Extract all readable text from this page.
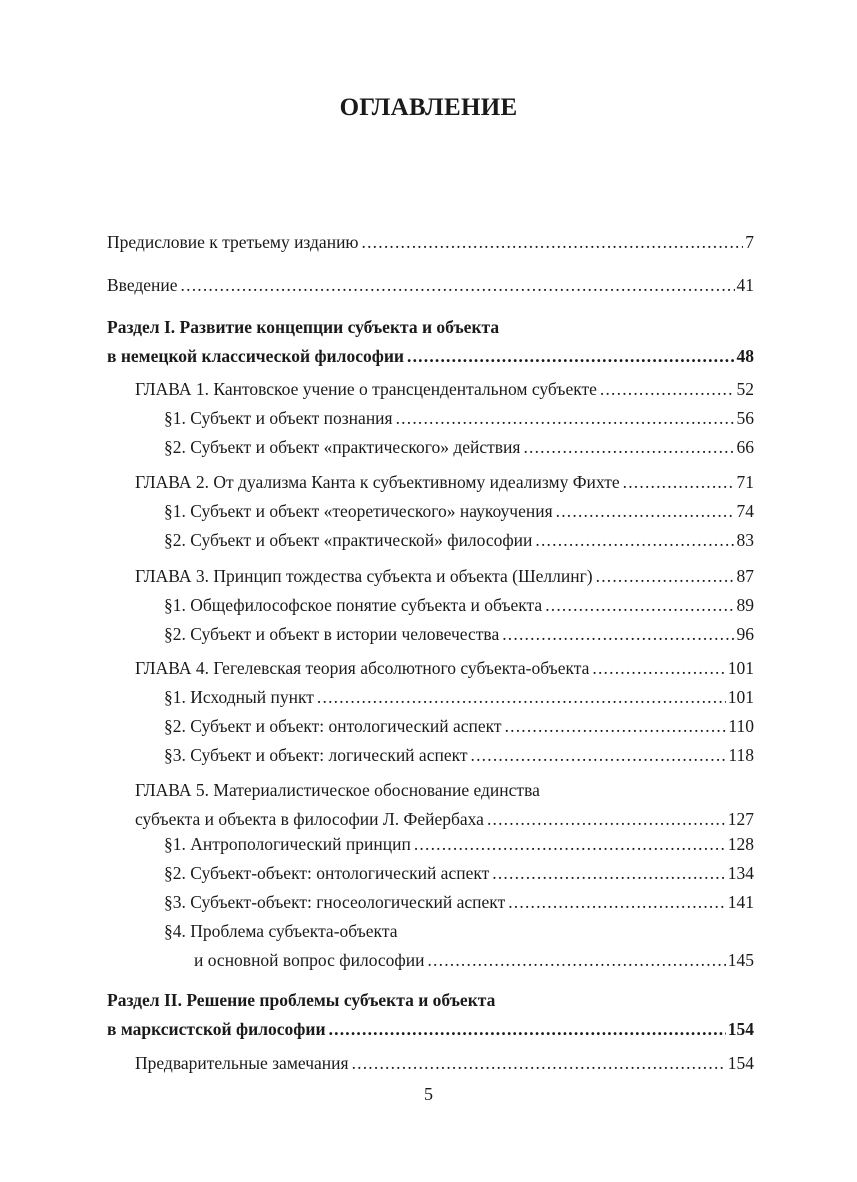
ОГЛАВЛЕНИЕ
Предисловие к третьему изданию .....	7
Введение .....	41
Раздел I. Развитие концепции субъекта и объекта
в немецкой классической философии .....	48
ГЛАВА 1. Кантовское учение о трансцендентальном субъекте .....	52
§1. Субъект и объект познания .....	56
§2. Субъект и объект «практического» действия .....	66
ГЛАВА 2. От дуализма Канта к субъективному идеализму Фихте .....	71
§1. Субъект и объект «теоретического» наукоучения .....	74
§2. Субъект и объект «практической» философии .....	83
ГЛАВА 3. Принцип тождества субъекта и объекта (Шеллинг) .....	87
§1. Общефилософское понятие субъекта и объекта .....	89
§2. Субъект и объект в истории человечества .....	96
ГЛАВА 4. Гегелевская теория абсолютного субъекта-объекта .....	101
§1. Исходный пункт .....	101
§2. Субъект и объект: онтологический аспект .....	110
§3. Субъект и объект: логический аспект .....	118
ГЛАВА 5. Материалистическое обоснование единства
субъекта и объекта в философии Л. Фейербаха .....	127
§1. Антропологический принцип .....	128
§2. Субъект-объект: онтологический аспект .....	134
§3. Субъект-объект: гносеологический аспект .....	141
§4. Проблема субъекта-объекта
и основной вопрос философии .....	145
Раздел II. Решение проблемы субъекта и объекта
в марксистской философии .....	154
Предварительные замечания .....	154
5
